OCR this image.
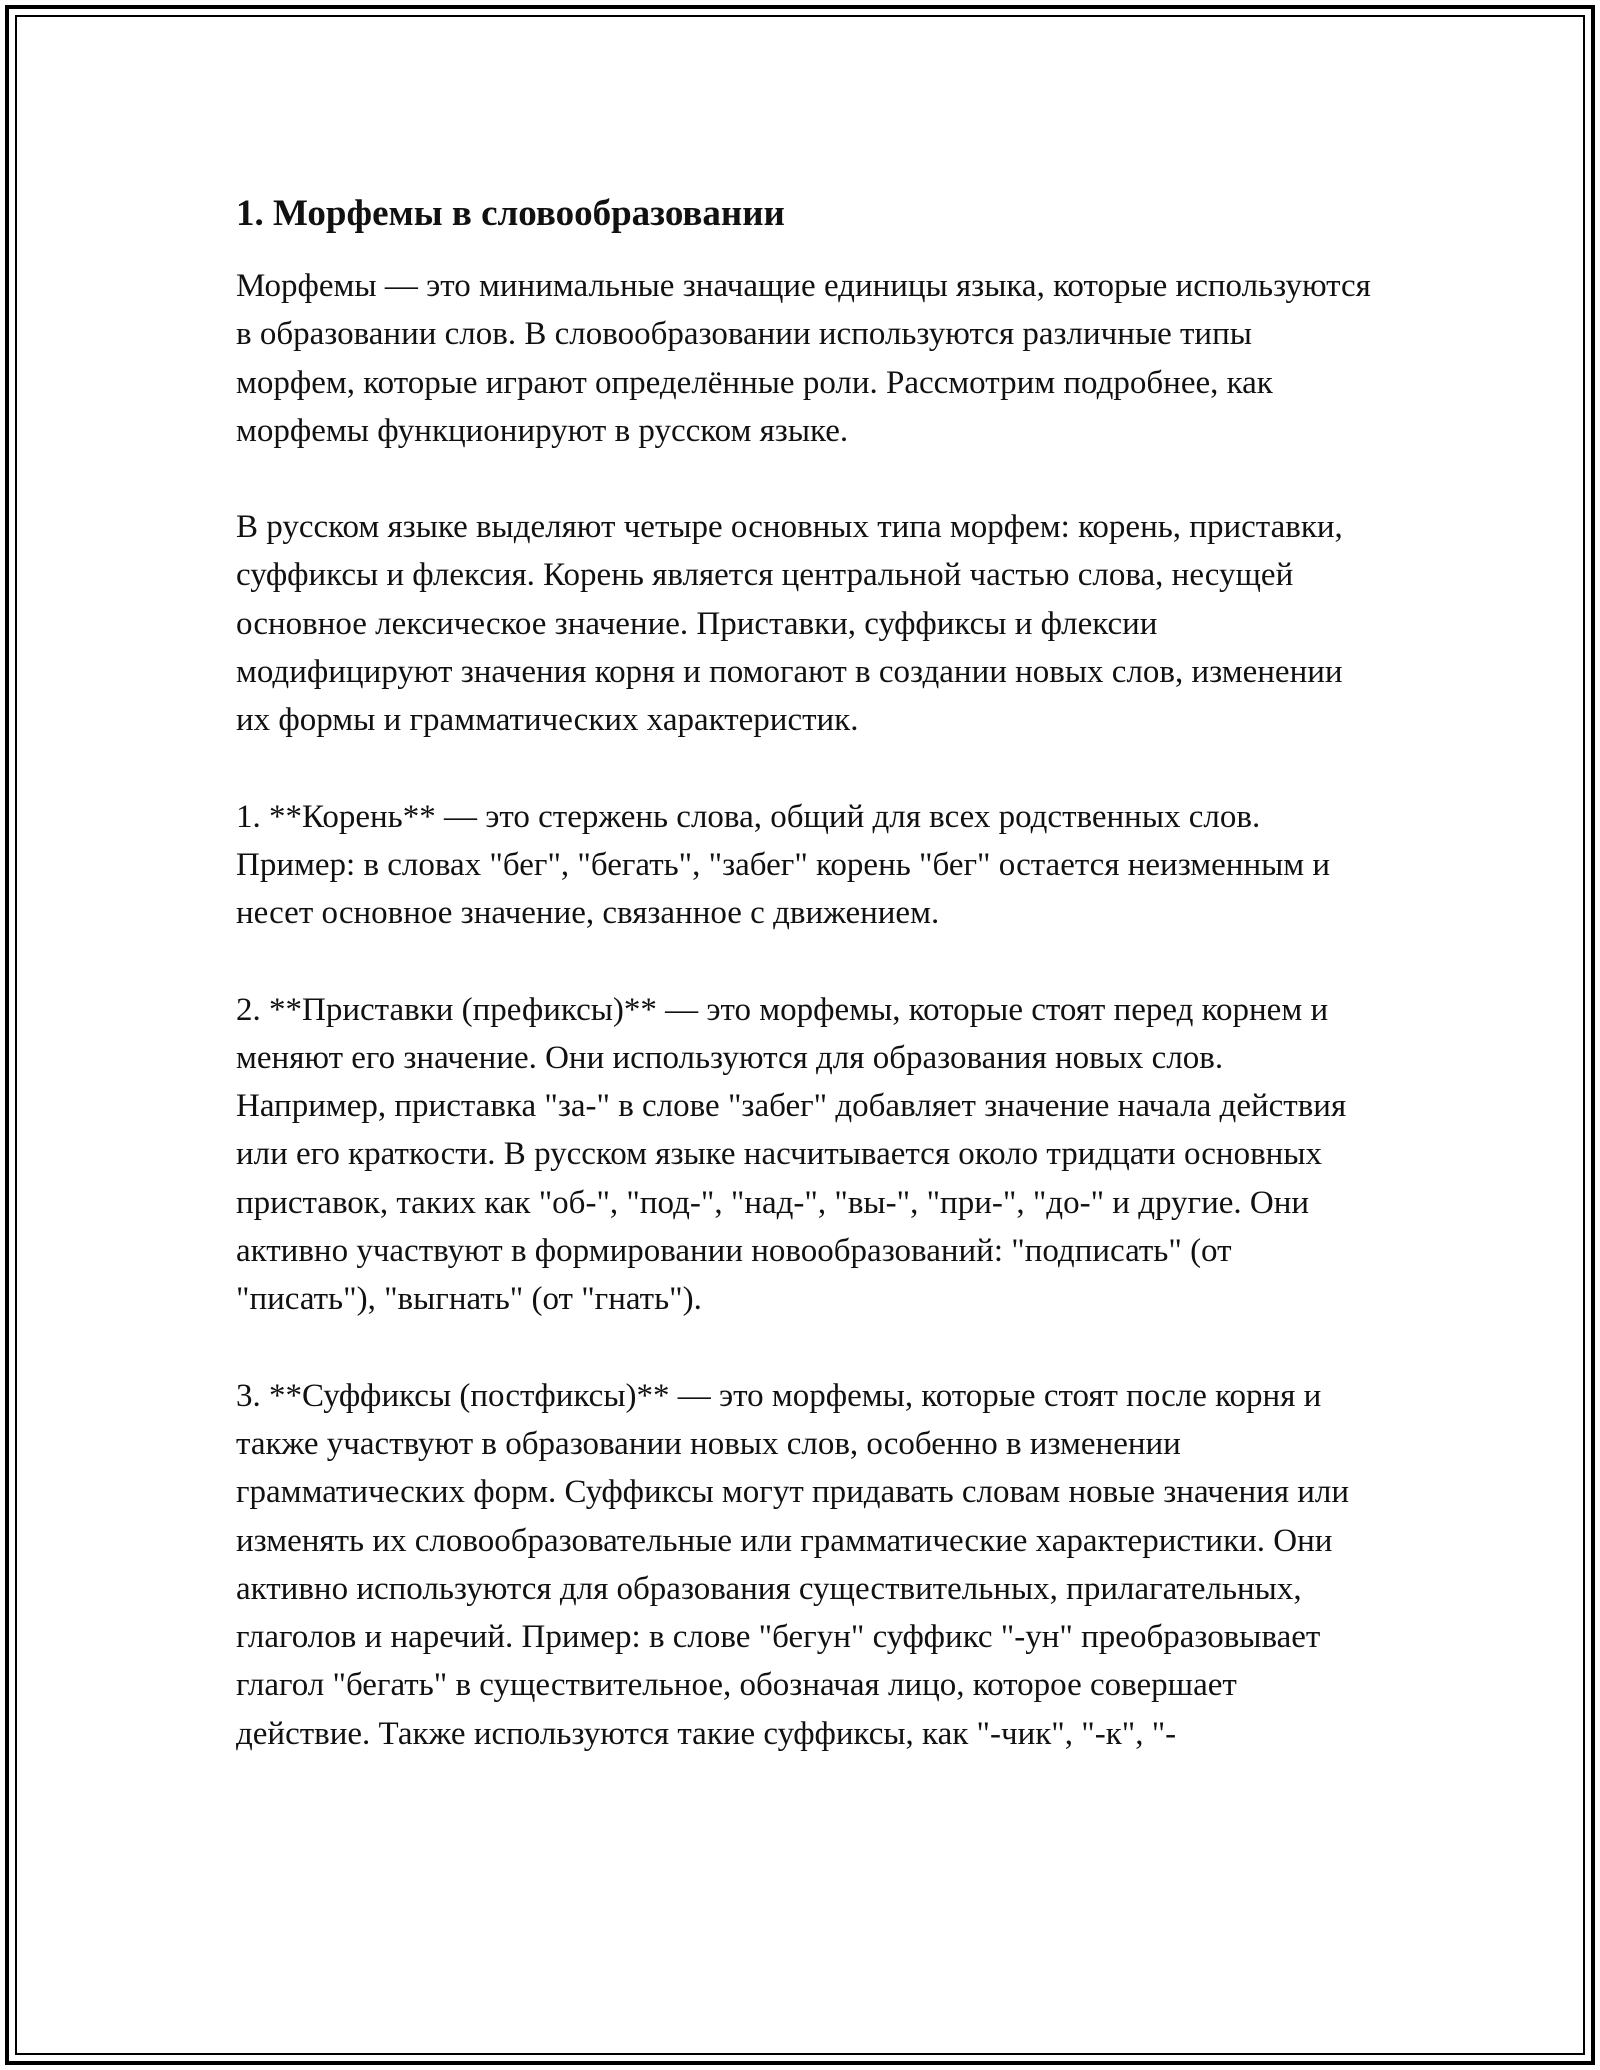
1. Морфемы в словообразовании

Морфемы — это минимальные значащие единицы языка, которые используются в образовании слов. В словообразовании используются различные типы морфем, которые играют определённые роли. Рассмотрим подробнее, как морфемы функционируют в русском языке.

В русском языке выделяют четыре основных типа морфем: корень, приставки, суффиксы и флексия. Корень является центральной частью слова, несущей основное лексическое значение. Приставки, суффиксы и флексии модифицируют значения корня и помогают в создании новых слов, изменении их формы и грамматических характеристик.

1. **Корень** — это стержень слова, общий для всех родственных слов. Пример: в словах "бег", "бегать", "забег" корень "бег" остается неизменным и несет основное значение, связанное с движением.

2. **Приставки (префиксы)** — это морфемы, которые стоят перед корнем и меняют его значение. Они используются для образования новых слов. Например, приставка "за-" в слове "забег" добавляет значение начала действия или его краткости. В русском языке насчитывается около тридцати основных приставок, таких как "об-", "под-", "над-", "вы-", "при-", "до-" и другие. Они активно участвуют в формировании новообразований: "подписать" (от "писать"), "выгнать" (от "гнать").

3. **Суффиксы (постфиксы)** — это морфемы, которые стоят после корня и также участвуют в образовании новых слов, особенно в изменении грамматических форм. Суффиксы могут придавать словам новые значения или изменять их словообразовательные или грамматические характеристики. Они активно используются для образования существительных, прилагательных, глаголов и наречий. Пример: в слове "бегун" суффикс "-ун" преобразовывает глагол "бегать" в существительное, обозначая лицо, которое совершает действие. Также используются такие суффиксы, как "-чик", "-к", "-
